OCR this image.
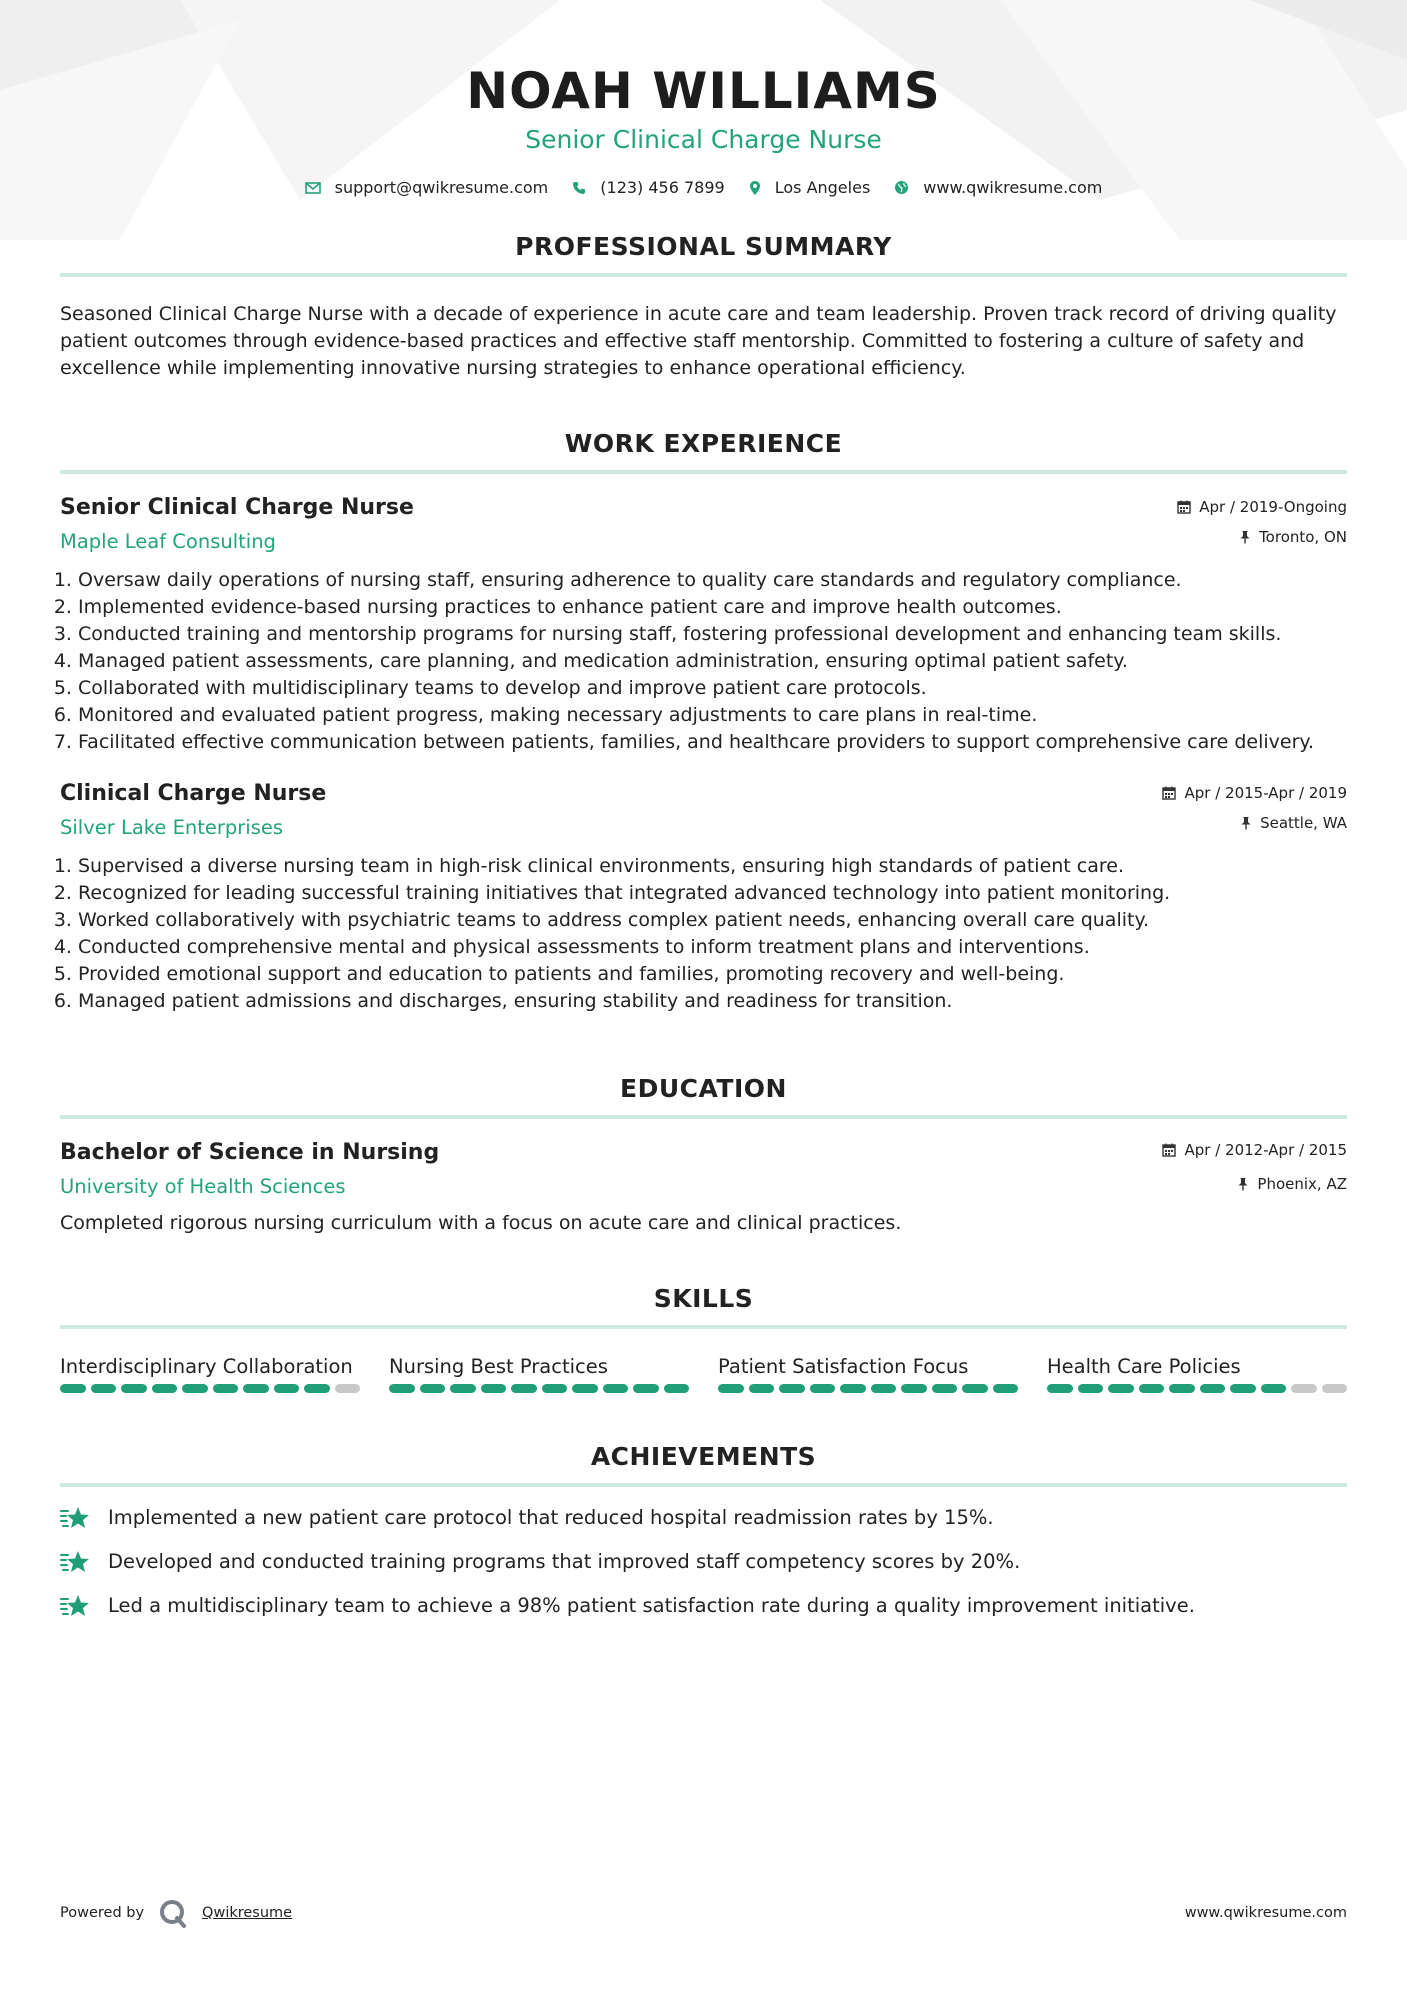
NOAH WILLIAMS
Senior Clinical Charge Nurse
support@qwikresume.com	(123) 456 7899	Los Angeles	www.qwikresume.com
PROFESSIONAL SUMMARY
Seasoned Clinical Charge Nurse with a decade of experience in acute care and team leadership. Proven track record of driving quality patient outcomes through evidence-based practices and effective staff mentorship. Committed to fostering a culture of safety and excellence while implementing innovative nursing strategies to enhance operational efficiency.
WORK EXPERIENCE
Senior Clinical Charge Nurse
Maple Leaf Consulting
Apr / 2019-Ongoing
Toronto, ON
1. Oversaw daily operations of nursing staff, ensuring adherence to quality care standards and regulatory compliance.
2. Implemented evidence-based nursing practices to enhance patient care and improve health outcomes.
3. Conducted training and mentorship programs for nursing staff, fostering professional development and enhancing team skills.
4. Managed patient assessments, care planning, and medication administration, ensuring optimal patient safety.
5. Collaborated with multidisciplinary teams to develop and improve patient care protocols.
6. Monitored and evaluated patient progress, making necessary adjustments to care plans in real-time.
7. Facilitated effective communication between patients, families, and healthcare providers to support comprehensive care delivery.
Clinical Charge Nurse
Silver Lake Enterprises
Apr / 2015-Apr / 2019
Seattle, WA
1. Supervised a diverse nursing team in high-risk clinical environments, ensuring high standards of patient care.
2. Recognized for leading successful training initiatives that integrated advanced technology into patient monitoring.
3. Worked collaboratively with psychiatric teams to address complex patient needs, enhancing overall care quality.
4. Conducted comprehensive mental and physical assessments to inform treatment plans and interventions.
5. Provided emotional support and education to patients and families, promoting recovery and well-being.
6. Managed patient admissions and discharges, ensuring stability and readiness for transition.
EDUCATION
Bachelor of Science in Nursing
University of Health Sciences
Apr / 2012-Apr / 2015
Phoenix, AZ
Completed rigorous nursing curriculum with a focus on acute care and clinical practices.
SKILLS
Interdisciplinary Collaboration	Nursing Best Practices	Patient Satisfaction Focus	Health Care Policies
ACHIEVEMENTS
Implemented a new patient care protocol that reduced hospital readmission rates by 15%.
Developed and conducted training programs that improved staff competency scores by 20%.
Led a multidisciplinary team to achieve a 98% patient satisfaction rate during a quality improvement initiative.
Powered by	Qwikresume	www.qwikresume.com
